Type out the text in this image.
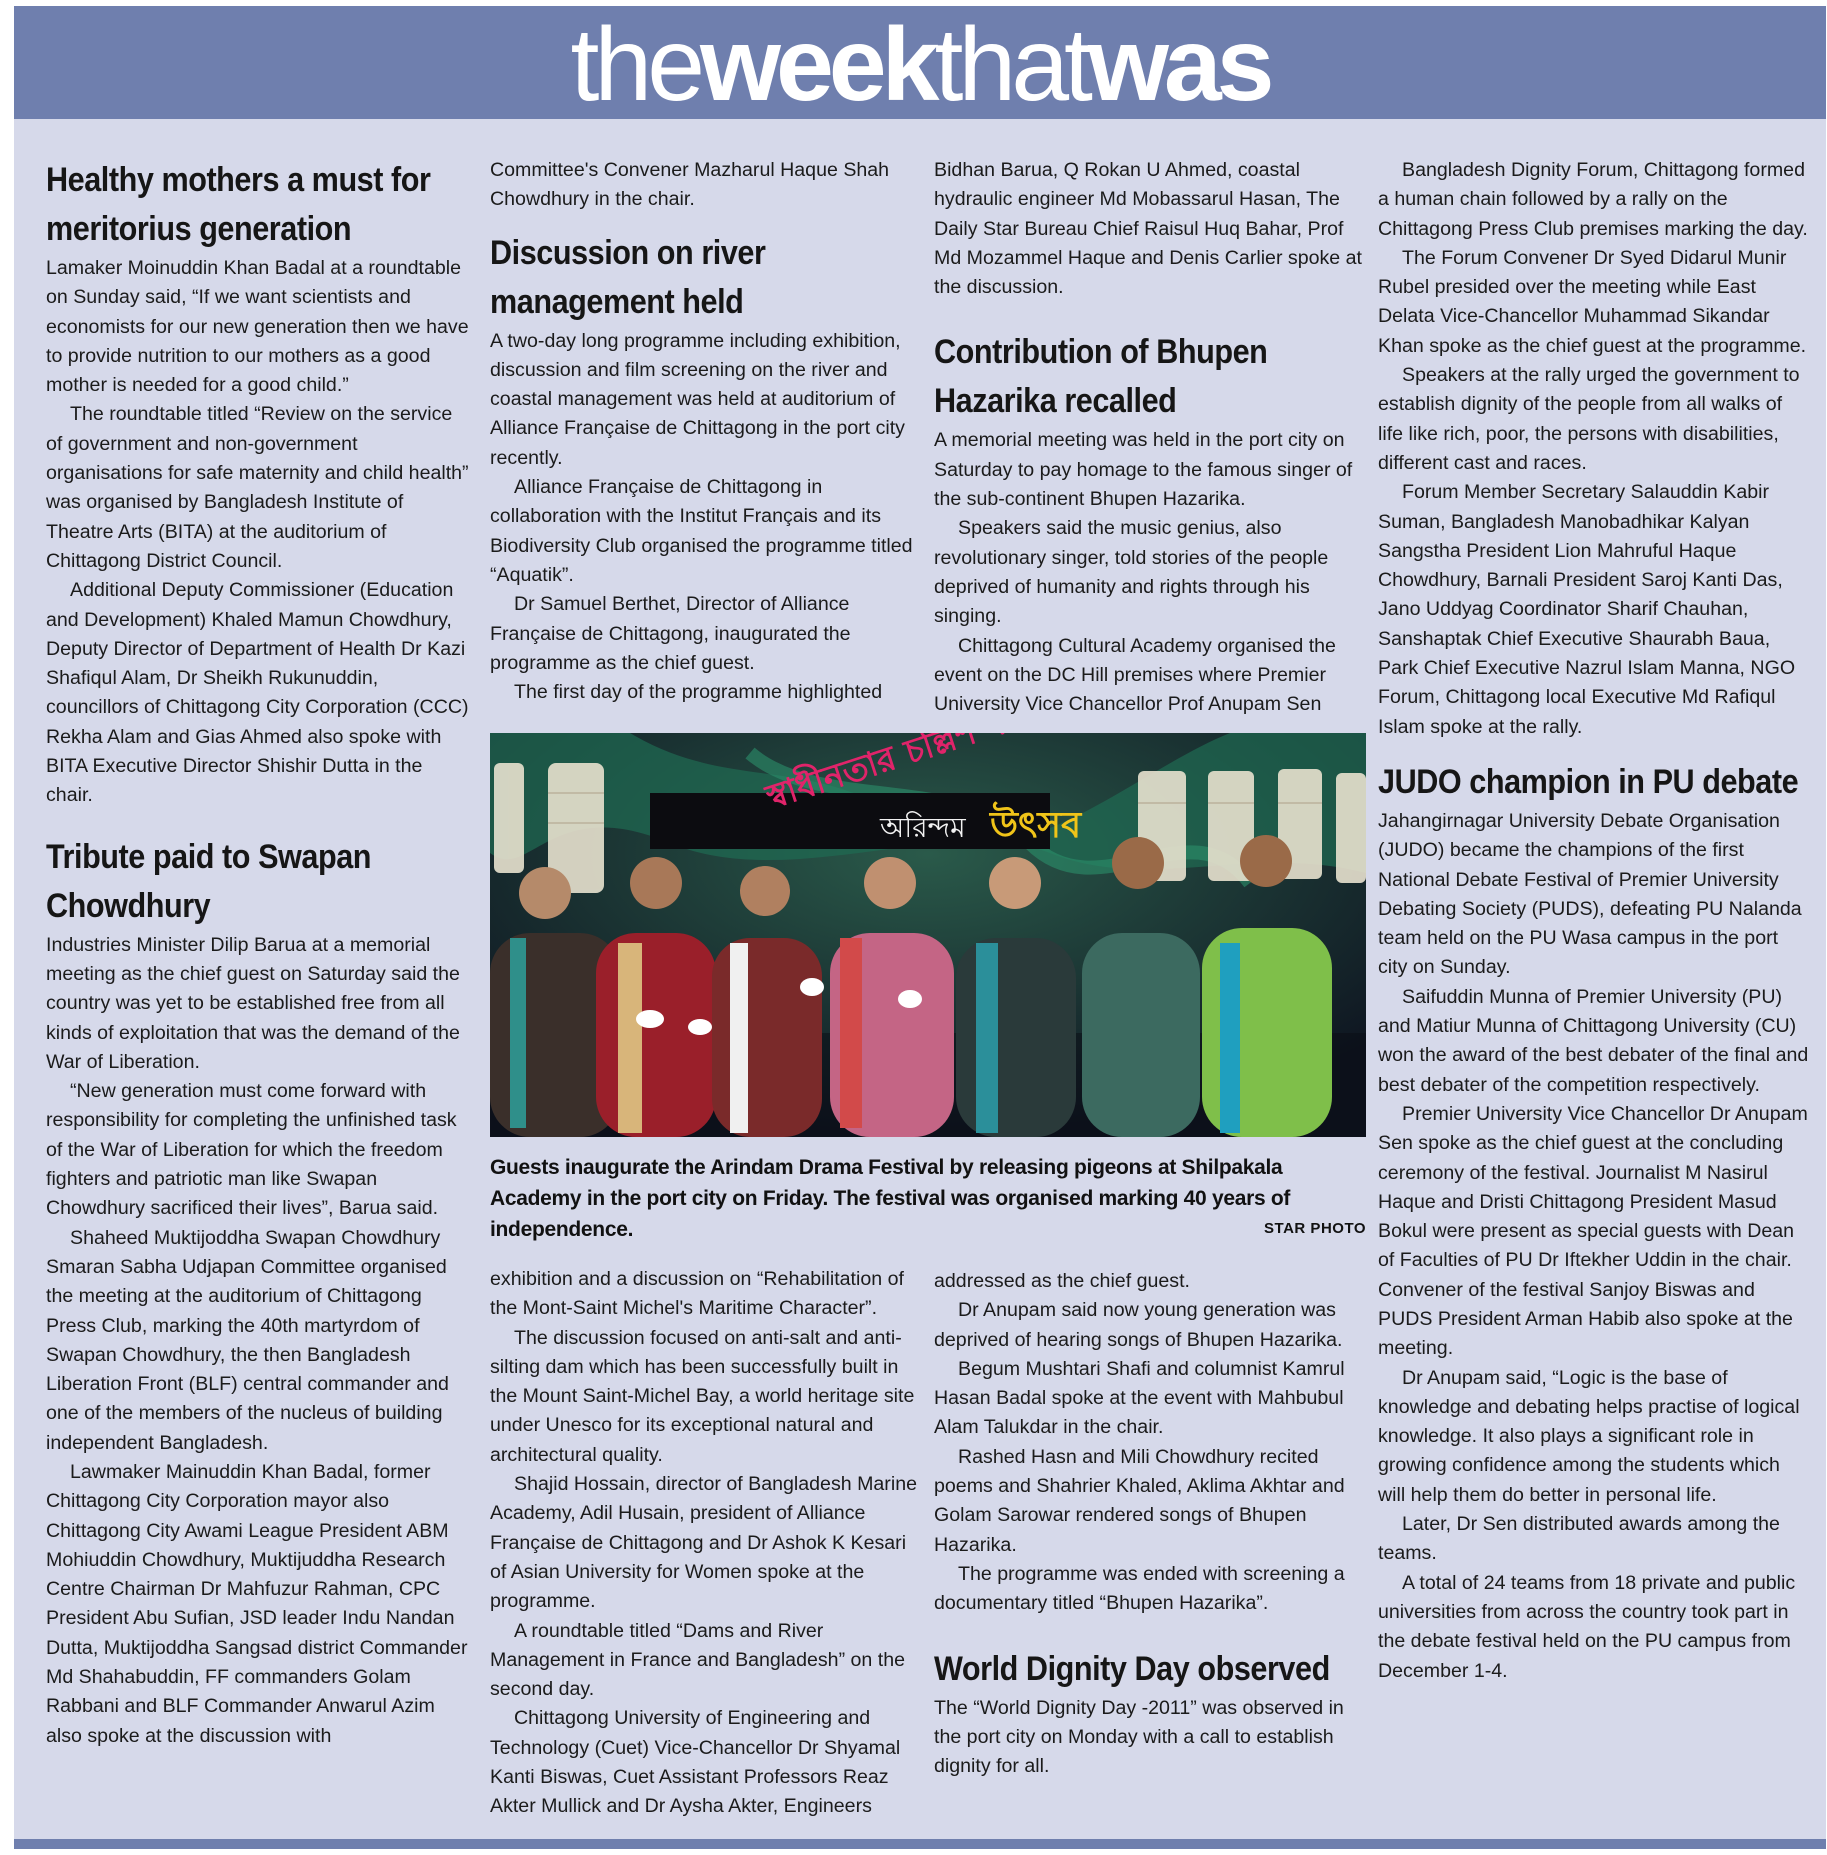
theweekthatwas
Healthy mothers a must for meritorius generation

Lamaker Moinuddin Khan Badal at a roundtable on Sunday said, “If we want scientists and economists for our new generation then we have to provide nutrition to our mothers as a good mother is needed for a good child.”

The roundtable titled “Review on the service of government and non-government organisations for safe maternity and child health” was organised by Bangladesh Institute of Theatre Arts (BITA) at the auditorium of Chittagong District Council.

Additional Deputy Commissioner (Education and Development) Khaled Mamun Chowdhury, Deputy Director of Department of Health Dr Kazi Shafiqul Alam, Dr Sheikh Rukunuddin, councillors of Chittagong City Corporation (CCC) Rekha Alam and Gias Ahmed also spoke with BITA Executive Director Shishir Dutta in the chair.

Tribute paid to Swapan Chowdhury

Industries Minister Dilip Barua at a memorial meeting as the chief guest on Saturday said the country was yet to be established free from all kinds of exploitation that was the demand of the War of Liberation.

“New generation must come forward with responsibility for completing the unfinished task of the War of Liberation for which the freedom fighters and patriotic man like Swapan Chowdhury sacrificed their lives”, Barua said.

Shaheed Muktijoddha Swapan Chowdhury Smaran Sabha Udjapan Committee organised the meeting at the auditorium of Chittagong Press Club, marking the 40th martyrdom of Swapan Chowdhury, the then Bangladesh Liberation Front (BLF) central commander and one of the members of the nucleus of building independent Bangladesh.

Lawmaker Mainuddin Khan Badal, former Chittagong City Corporation mayor also Chittagong City Awami League President ABM Mohiuddin Chowdhury, Muktijuddha Research Centre Chairman Dr Mahfuzur Rahman, CPC President Abu Sufian, JSD leader Indu Nandan Dutta, Muktijoddha Sangsad district Commander Md Shahabuddin, FF commanders Golam Rabbani and BLF Commander Anwarul Azim also spoke at the discussion with

Committee's Convener Mazharul Haque Shah Chowdhury in the chair.

Discussion on river management held

A two-day long programme including exhibition, discussion and film screening on the river and coastal management was held at auditorium of Alliance Française de Chittagong in the port city recently.

Alliance Française de Chittagong in collaboration with the Institut Français and its Biodiversity Club organised the programme titled “Aquatik”.

Dr Samuel Berthet, Director of Alliance Française de Chittagong, inaugurated the programme as the chief guest.

The first day of the programme highlighted

Bidhan Barua, Q Rokan U Ahmed, coastal hydraulic engineer Md Mobassarul Hasan, The Daily Star Bureau Chief Raisul Huq Bahar, Prof Md Mozammel Haque and Denis Carlier spoke at the discussion.

Contribution of Bhupen Hazarika recalled

A memorial meeting was held in the port city on Saturday to pay homage to the famous singer of the sub-continent Bhupen Hazarika.

Speakers said the music genius, also revolutionary singer, told stories of the people deprived of humanity and rights through his singing.

Chittagong Cultural Academy organised the event on the DC Hill premises where Premier University Vice Chancellor Prof Anupam Sen

অরিন্দম উৎসব
Guests inaugurate the Arindam Drama Festival by releasing pigeons at Shilpakala Academy in the port city on Friday. The festival was organised marking 40 years of independence.	STAR PHOTO

exhibition and a discussion on “Rehabilitation of the Mont-Saint Michel's Maritime Character”.

The discussion focused on anti-salt and anti-silting dam which has been successfully built in the Mount Saint-Michel Bay, a world heritage site under Unesco for its exceptional natural and architectural quality.

Shajid Hossain, director of Bangladesh Marine Academy, Adil Husain, president of Alliance Française de Chittagong and Dr Ashok K Kesari of Asian University for Women spoke at the programme.

A roundtable titled “Dams and River Management in France and Bangladesh” on the second day.

Chittagong University of Engineering and Technology (Cuet) Vice-Chancellor Dr Shyamal Kanti Biswas, Cuet Assistant Professors Reaz Akter Mullick and Dr Aysha Akter, Engineers

addressed as the chief guest.

Dr Anupam said now young generation was deprived of hearing songs of Bhupen Hazarika.

Begum Mushtari Shafi and columnist Kamrul Hasan Badal spoke at the event with Mahbubul Alam Talukdar in the chair.

Rashed Hasn and Mili Chowdhury recited poems and Shahrier Khaled, Aklima Akhtar and Golam Sarowar rendered songs of Bhupen Hazarika.

The programme was ended with screening a documentary titled “Bhupen Hazarika”.

World Dignity Day observed

The “World Dignity Day -2011” was observed in the port city on Monday with a call to establish dignity for all.

Bangladesh Dignity Forum, Chittagong formed a human chain followed by a rally on the Chittagong Press Club premises marking the day.

The Forum Convener Dr Syed Didarul Munir Rubel presided over the meeting while East Delata Vice-Chancellor Muhammad Sikandar Khan spoke as the chief guest at the programme.

Speakers at the rally urged the government to establish dignity of the people from all walks of life like rich, poor, the persons with disabilities, different cast and races.

Forum Member Secretary Salauddin Kabir Suman, Bangladesh Manobadhikar Kalyan Sangstha President Lion Mahruful Haque Chowdhury, Barnali President Saroj Kanti Das, Jano Uddyag Coordinator Sharif Chauhan, Sanshaptak Chief Executive Shaurabh Baua, Park Chief Executive Nazrul Islam Manna, NGO Forum, Chittagong local Executive Md Rafiqul Islam spoke at the rally.

JUDO champion in PU debate

Jahangirnagar University Debate Organisation (JUDO) became the champions of the first National Debate Festival of Premier University Debating Society (PUDS), defeating PU Nalanda team held on the PU Wasa campus in the port city on Sunday.

Saifuddin Munna of Premier University (PU) and Matiur Munna of Chittagong University (CU) won the award of the best debater of the final and best debater of the competition respectively.

Premier University Vice Chancellor Dr Anupam Sen spoke as the chief guest at the concluding ceremony of the festival. Journalist M Nasirul Haque and Dristi Chittagong President Masud Bokul were present as special guests with Dean of Faculties of PU Dr Iftekher Uddin in the chair. Convener of the festival Sanjoy Biswas and PUDS President Arman Habib also spoke at the meeting.

Dr Anupam said, “Logic is the base of knowledge and debating helps practise of logical knowledge. It also plays a significant role in growing confidence among the students which will help them do better in personal life.

Later, Dr Sen distributed awards among the teams.

A total of 24 teams from 18 private and public universities from across the country took part in the debate festival held on the PU campus from December 1-4.
